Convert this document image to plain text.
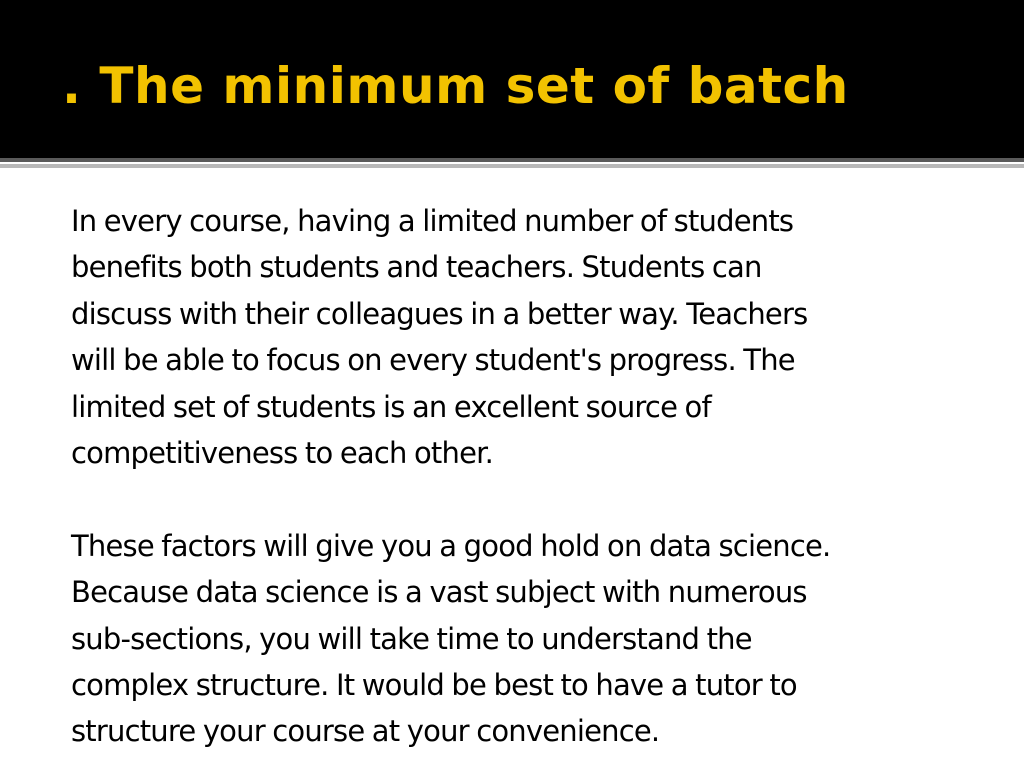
. The minimum set of batch
In every course, having a limited number of students
benefits both students and teachers. Students can
discuss with their colleagues in a better way. Teachers
will be able to focus on every student's progress. The
limited set of students is an excellent source of
competitiveness to each other.
These factors will give you a good hold on data science.
Because data science is a vast subject with numerous
sub-sections, you will take time to understand the
complex structure. It would be best to have a tutor to
structure your course at your convenience.
